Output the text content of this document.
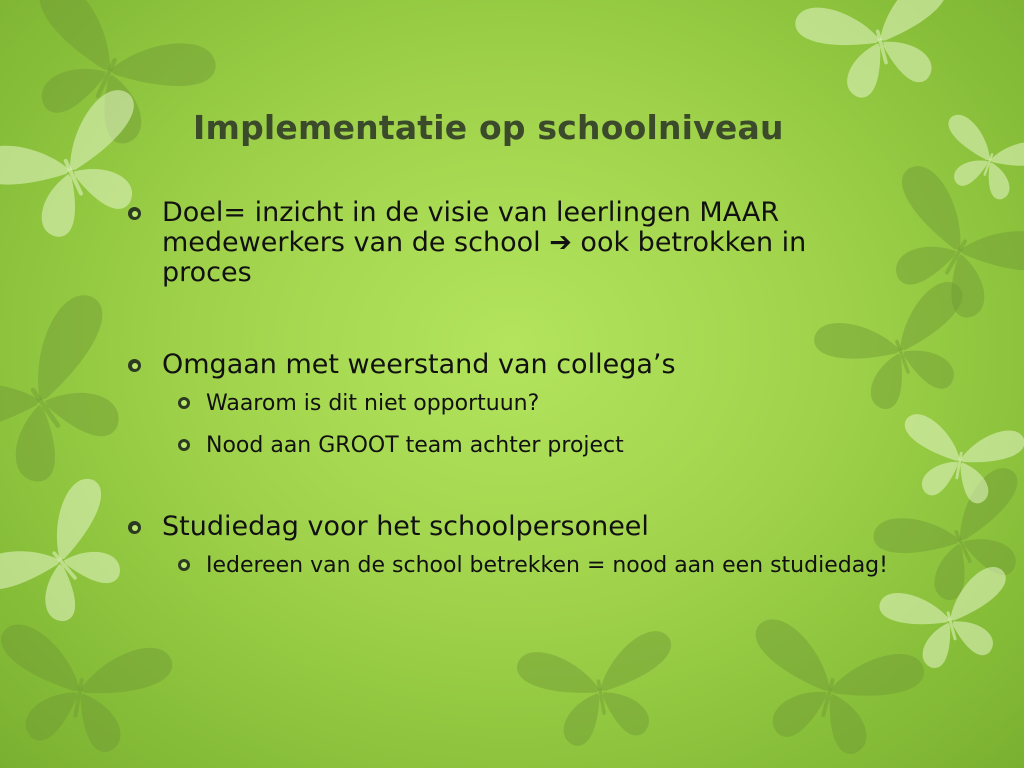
Implementatie op schoolniveau
Doel= inzicht in de visie van leerlingen MAAR medewerkers van de school ➔ ook betrokken in proces
Omgaan met weerstand van collega’s
Waarom is dit niet opportuun?
Nood aan GROOT team achter project
Studiedag voor het schoolpersoneel
Iedereen van de school betrekken = nood aan een studiedag!
